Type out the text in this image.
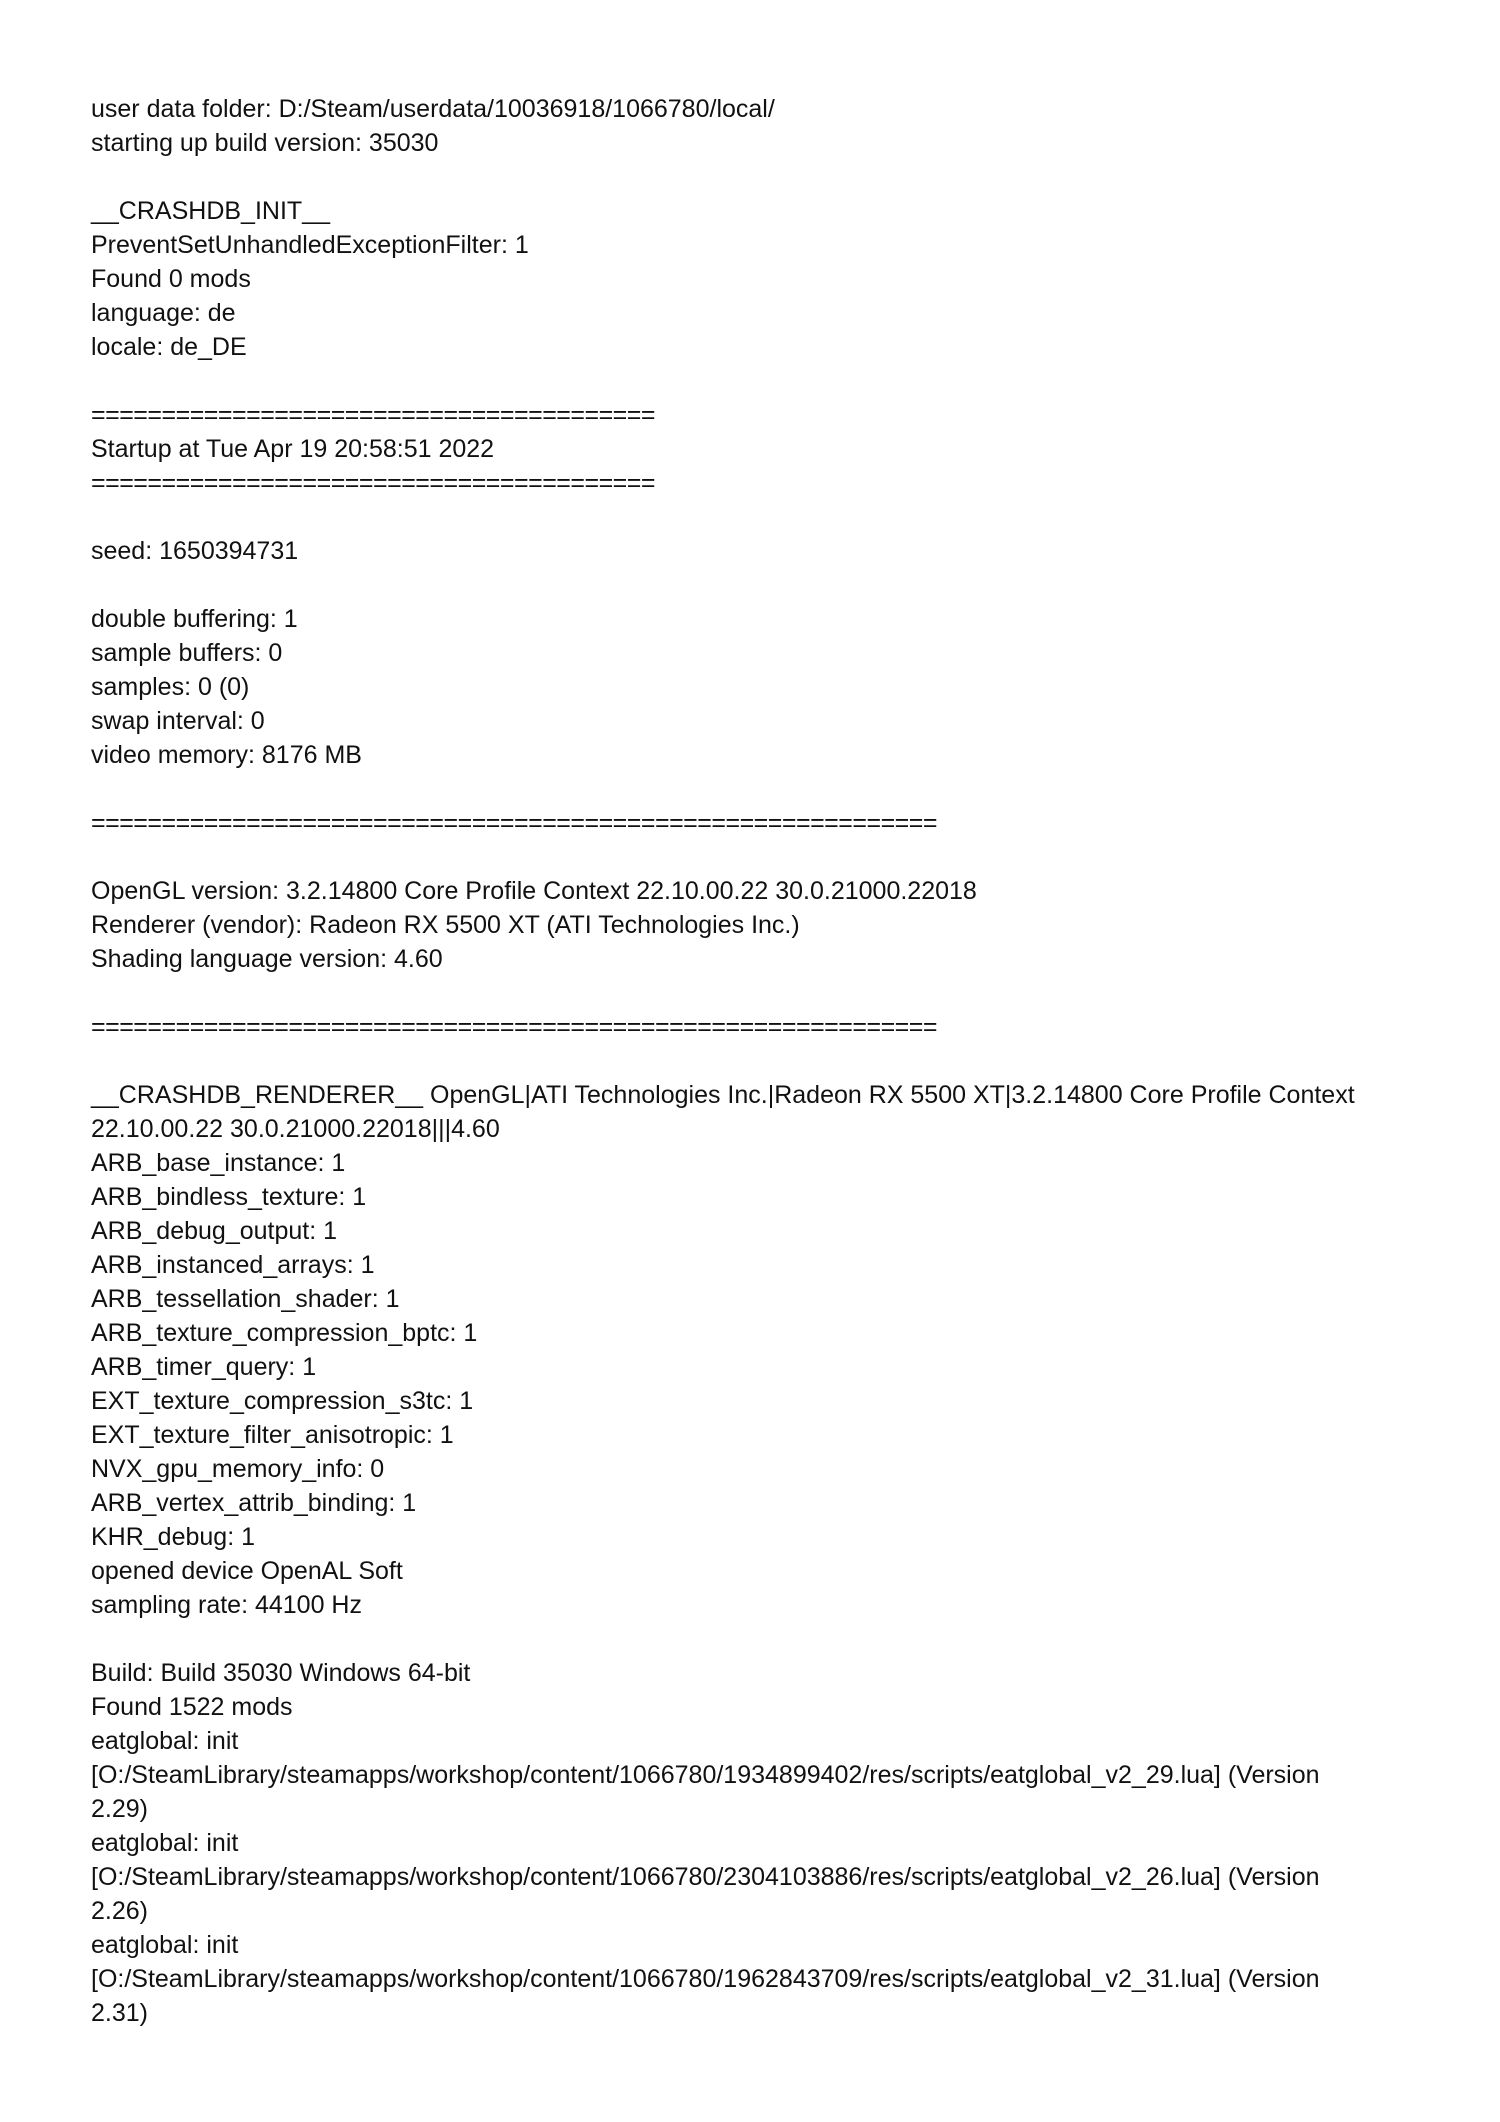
user data folder: D:/Steam/userdata/10036918/1066780/local/
starting up build version: 35030
__CRASHDB_INIT__
PreventSetUnhandledExceptionFilter: 1
Found 0 mods
language: de
locale: de_DE
========================================
Startup at Tue Apr 19 20:58:51 2022
========================================
seed: 1650394731
double buffering: 1
sample buffers: 0
samples: 0 (0)
swap interval: 0
video memory: 8176 MB
============================================================
OpenGL version: 3.2.14800 Core Profile Context 22.10.00.22 30.0.21000.22018
Renderer (vendor): Radeon RX 5500 XT (ATI Technologies Inc.)
Shading language version: 4.60
============================================================
__CRASHDB_RENDERER__ OpenGL|ATI Technologies Inc.|Radeon RX 5500 XT|3.2.14800 Core Profile Context
22.10.00.22 30.0.21000.22018|||4.60
ARB_base_instance: 1
ARB_bindless_texture: 1
ARB_debug_output: 1
ARB_instanced_arrays: 1
ARB_tessellation_shader: 1
ARB_texture_compression_bptc: 1
ARB_timer_query: 1
EXT_texture_compression_s3tc: 1
EXT_texture_filter_anisotropic: 1
NVX_gpu_memory_info: 0
ARB_vertex_attrib_binding: 1
KHR_debug: 1
opened device OpenAL Soft
sampling rate: 44100 Hz
Build: Build 35030 Windows 64-bit
Found 1522 mods
eatglobal: init
[O:/SteamLibrary/steamapps/workshop/content/1066780/1934899402/res/scripts/eatglobal_v2_29.lua] (Version
2.29)
eatglobal: init
[O:/SteamLibrary/steamapps/workshop/content/1066780/2304103886/res/scripts/eatglobal_v2_26.lua] (Version
2.26)
eatglobal: init
[O:/SteamLibrary/steamapps/workshop/content/1066780/1962843709/res/scripts/eatglobal_v2_31.lua] (Version
2.31)
